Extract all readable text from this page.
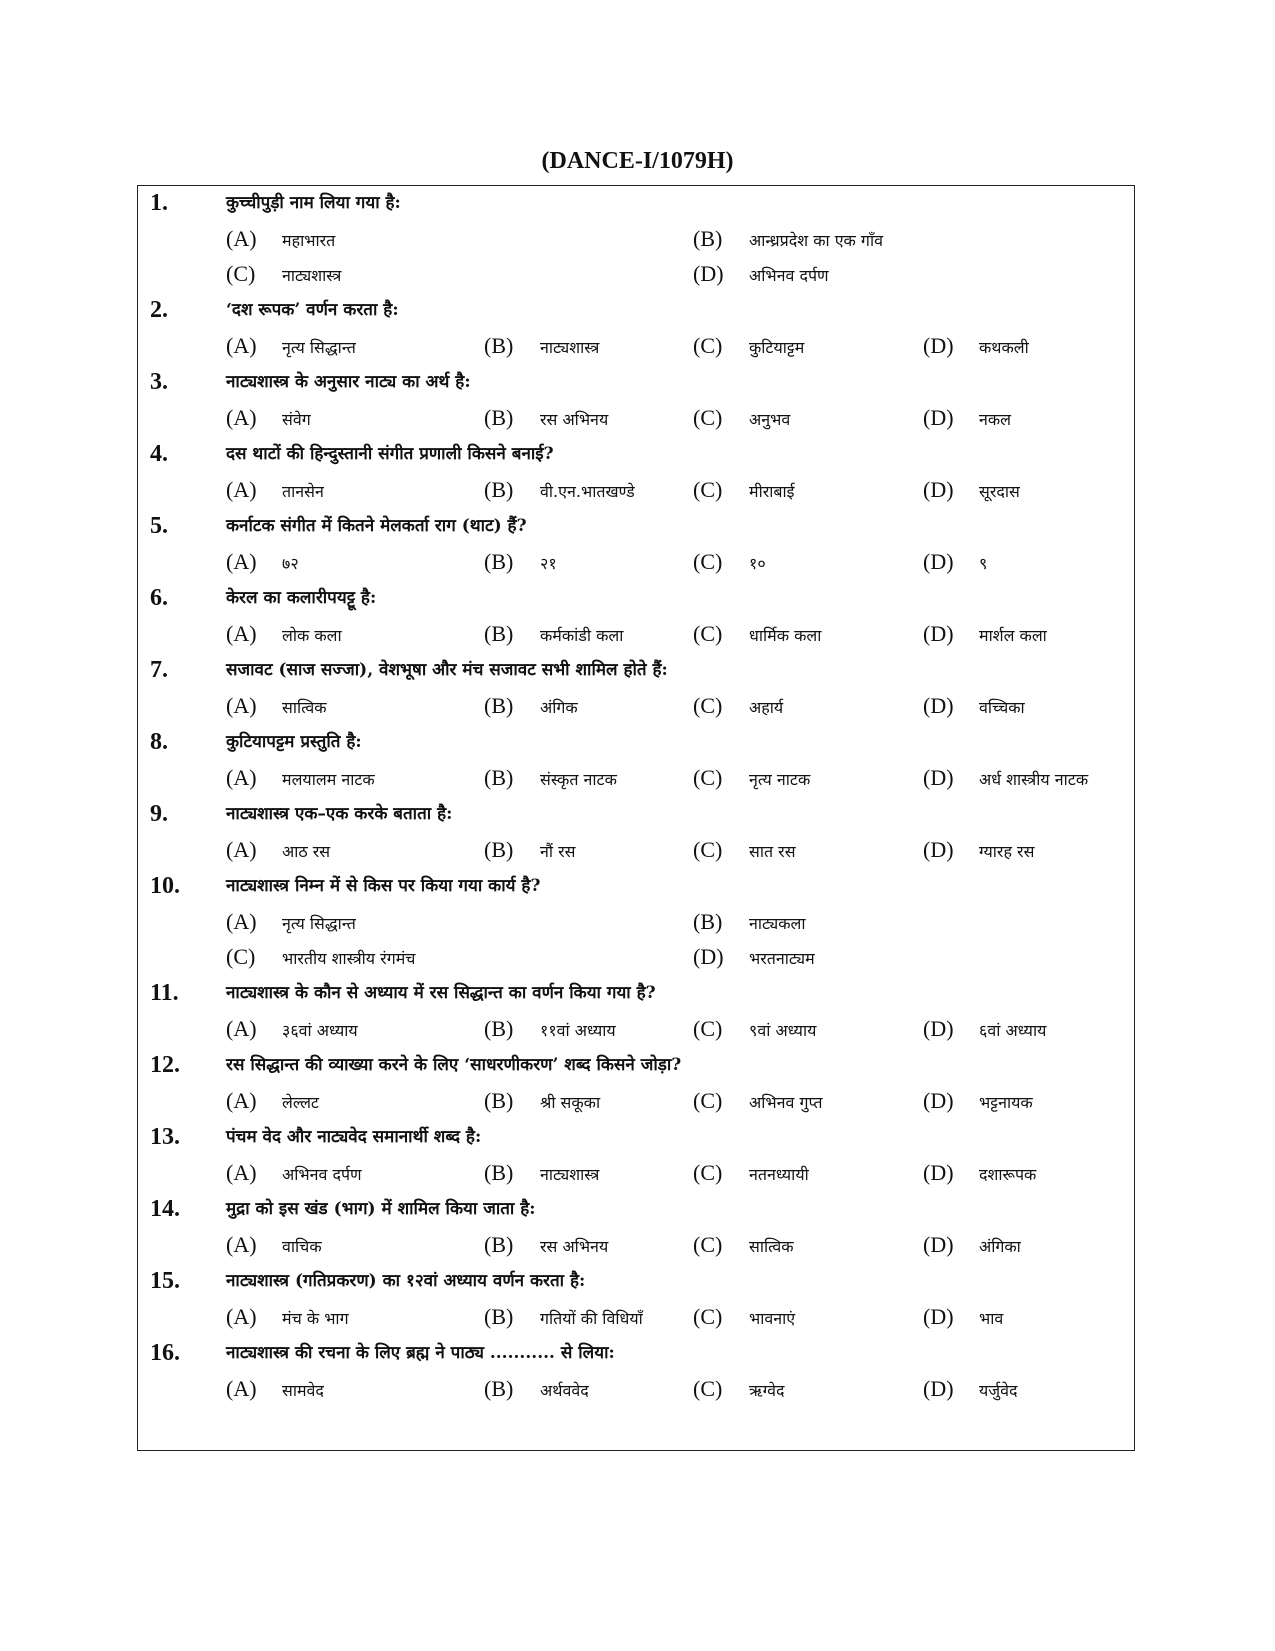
(DANCE-I/1079H)
1.	कुच्चीपुड़ी नाम लिया गया है:
(A) महाभारत	(B) आन्ध्रप्रदेश का एक गाँव
(C) नाट्यशास्त्र	(D) अभिनव दर्पण
2.	‘दश रूपक’ वर्णन करता है:
(A) नृत्य सिद्धान्त	(B) नाट्यशास्त्र	(C) कुटियाट्टम	(D) कथकली
3.	नाट्यशास्त्र के अनुसार नाट्य का अर्थ है:
(A) संवेग	(B) रस अभिनय	(C) अनुभव	(D) नकल
4.	दस थाटों की हिन्दुस्तानी संगीत प्रणाली किसने बनाई?
(A) तानसेन	(B) वी.एन.भातखण्डे	(C) मीराबाई	(D) सूरदास
5.	कर्नाटक संगीत में कितने मेलकर्ता राग (थाट) हैं?
(A) ७२	(B) २१	(C) १०	(D) ९
6.	केरल का कलारीपयट्टू है:
(A) लोक कला	(B) कर्मकांडी कला	(C) धार्मिक कला	(D) मार्शल कला
7.	सजावट (साज सज्जा), वेशभूषा और मंच सजावट सभी शामिल होते हैं:
(A) सात्विक	(B) अंगिक	(C) अहार्य	(D) वच्चिका
8.	कुटियापट्टम प्रस्तुति है:
(A) मलयालम नाटक	(B) संस्कृत नाटक	(C) नृत्य नाटक	(D) अर्ध शास्त्रीय नाटक
9.	नाट्यशास्त्र एक–एक करके बताता है:
(A) आठ रस	(B) नौं रस	(C) सात रस	(D) ग्यारह रस
10.	नाट्यशास्त्र निम्न में से किस पर किया गया कार्य है?
(A) नृत्य सिद्धान्त	(B) नाट्यकला
(C) भारतीय शास्त्रीय रंगमंच	(D) भरतनाट्यम
11.	नाट्यशास्त्र के कौन से अध्याय में रस सिद्धान्त का वर्णन किया गया है?
(A) ३६वां अध्याय	(B) ११वां अध्याय	(C) ९वां अध्याय	(D) ६वां अध्याय
12.	रस सिद्धान्त की व्याख्या करने के लिए ‘साधरणीकरण’ शब्द किसने जोड़ा?
(A) लेल्लट	(B) श्री सकूका	(C) अभिनव गुप्त	(D) भट्टनायक
13.	पंचम वेद और नाट्यवेद समानार्थी शब्द है:
(A) अभिनव दर्पण	(B) नाट्यशास्त्र	(C) नतनध्यायी	(D) दशारूपक
14.	मुद्रा को इस खंड (भाग) में शामिल किया जाता है:
(A) वाचिक	(B) रस अभिनय	(C) सात्विक	(D) अंगिका
15.	नाट्यशास्त्र (गतिप्रकरण) का १२वां अध्याय वर्णन करता है:
(A) मंच के भाग	(B) गतियों की विधियाँ (C) भावनाएं	(D) भाव
16.	नाट्यशास्त्र की रचना के लिए ब्रह्म ने पाठ्य ........... से लिया:
(A) सामवेद	(B) अर्थववेद	(C) ऋग्वेद	(D) यर्जुवेद
